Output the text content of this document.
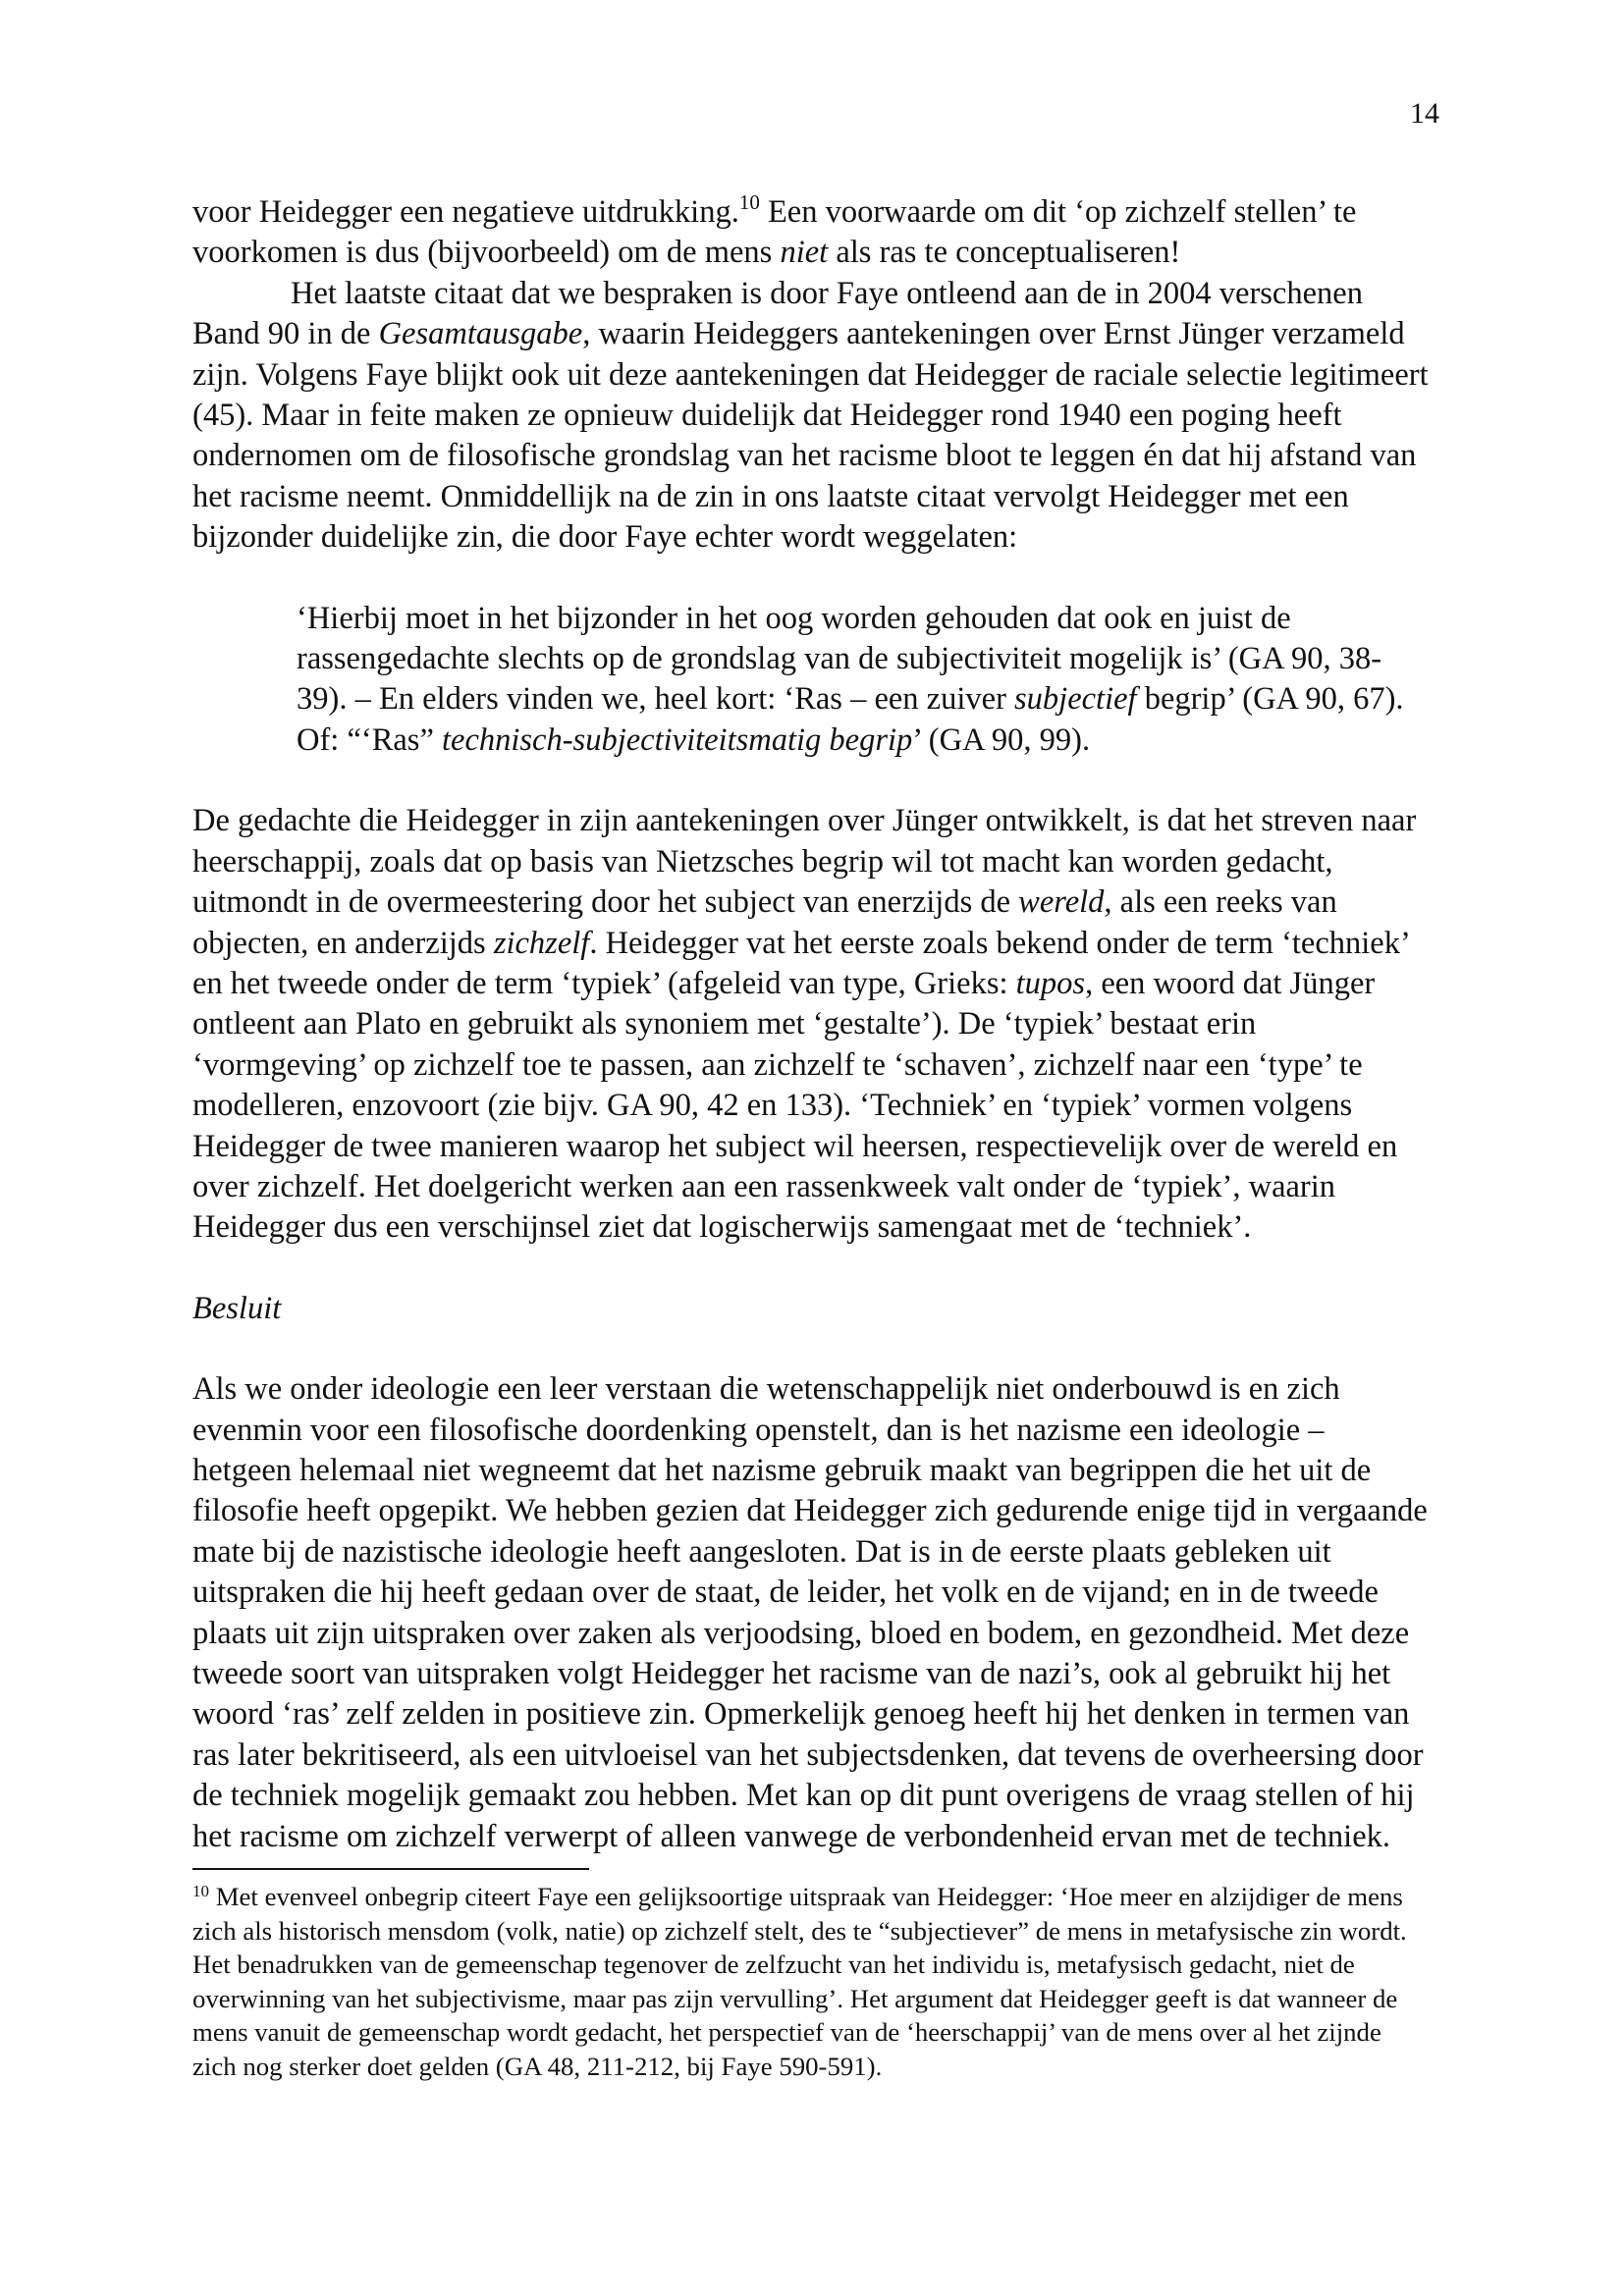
14

voor Heidegger een negatieve uitdrukking.$^{10}$ Een voorwaarde om dit ‘op zichzelf stellen’ te voorkomen is dus (bijvoorbeeld) om de mens niet als ras te conceptualiseren!

Het laatste citaat dat we bespraken is door Faye ontleend aan de in 2004 verschenen Band 90 in de Gesamtausgabe, waarin Heideggers aantekeningen over Ernst Jünger verzameld zijn. Volgens Faye blijkt ook uit deze aantekeningen dat Heidegger de raciale selectie legitimeert (45). Maar in feite maken ze opnieuw duidelijk dat Heidegger rond 1940 een poging heeft ondernomen om de filosofische grondslag van het racisme bloot te leggen én dat hij afstand van het racisme neemt. Onmiddellijk na de zin in ons laatste citaat vervolgt Heidegger met een bijzonder duidelijke zin, die door Faye echter wordt weggelaten:

‘Hierbij moet in het bijzonder in het oog worden gehouden dat ook en juist de rassengedachte slechts op de grondslag van de subjectiviteit mogelijk is’ (GA 90, 38-39). – En elders vinden we, heel kort: ‘Ras – een zuiver subjectief begrip’ (GA 90, 67). Of: “‘Ras” technisch-subjectiviteitsmatig begrip’ (GA 90, 99).

De gedachte die Heidegger in zijn aantekeningen over Jünger ontwikkelt, is dat het streven naar heerschappij, zoals dat op basis van Nietzsches begrip wil tot macht kan worden gedacht, uitmondt in de overmeestering door het subject van enerzijds de wereld, als een reeks van objecten, en anderzijds zichzelf. Heidegger vat het eerste zoals bekend onder de term ‘techniek’ en het tweede onder de term ‘typiek’ (afgeleid van type, Grieks: tupos, een woord dat Jünger ontleent aan Plato en gebruikt als synoniem met ‘gestalte’). De ‘typiek’ bestaat erin ‘vormgeving’ op zichzelf toe te passen, aan zichzelf te ‘schaven’, zichzelf naar een ‘type’ te modelleren, enzovoort (zie bijv. GA 90, 42 en 133). ‘Techniek’ en ‘typiek’ vormen volgens Heidegger de twee manieren waarop het subject wil heersen, respectievelijk over de wereld en over zichzelf. Het doelgericht werken aan een rassenkweek valt onder de ‘typiek’, waarin Heidegger dus een verschijnsel ziet dat logischerwijs samengaat met de ‘techniek’.

Besluit

Als we onder ideologie een leer verstaan die wetenschappelijk niet onderbouwd is en zich evenmin voor een filosofische doordenking openstelt, dan is het nazisme een ideologie – hetgeen helemaal niet wegneemt dat het nazisme gebruik maakt van begrippen die het uit de filosofie heeft opgepikt. We hebben gezien dat Heidegger zich gedurende enige tijd in vergaande mate bij de nazistische ideologie heeft aangesloten. Dat is in de eerste plaats gebleken uit uitspraken die hij heeft gedaan over de staat, de leider, het volk en de vijand; en in de tweede plaats uit zijn uitspraken over zaken als verjoodsing, bloed en bodem, en gezondheid. Met deze tweede soort van uitspraken volgt Heidegger het racisme van de nazi’s, ook al gebruikt hij het woord ‘ras’ zelf zelden in positieve zin. Opmerkelijk genoeg heeft hij het denken in termen van ras later bekritiseerd, als een uitvloeisel van het subjectsdenken, dat tevens de overheersing door de techniek mogelijk gemaakt zou hebben. Met kan op dit punt overigens de vraag stellen of hij het racisme om zichzelf verwerpt of alleen vanwege de verbondenheid ervan met de techniek.

$^{10}$ Met evenveel onbegrip citeert Faye een gelijksoortige uitspraak van Heidegger: ‘Hoe meer en alzijdiger de mens zich als historisch mensdom (volk, natie) op zichzelf stelt, des te “subjectiever” de mens in metafysische zin wordt. Het benadrukken van de gemeenschap tegenover de zelfzucht van het individu is, metafysisch gedacht, niet de overwinning van het subjectivisme, maar pas zijn vervulling’. Het argument dat Heidegger geeft is dat wanneer de mens vanuit de gemeenschap wordt gedacht, het perspectief van de ‘heerschappij’ van de mens over al het zijnde zich nog sterker doet gelden (GA 48, 211-212, bij Faye 590-591).
